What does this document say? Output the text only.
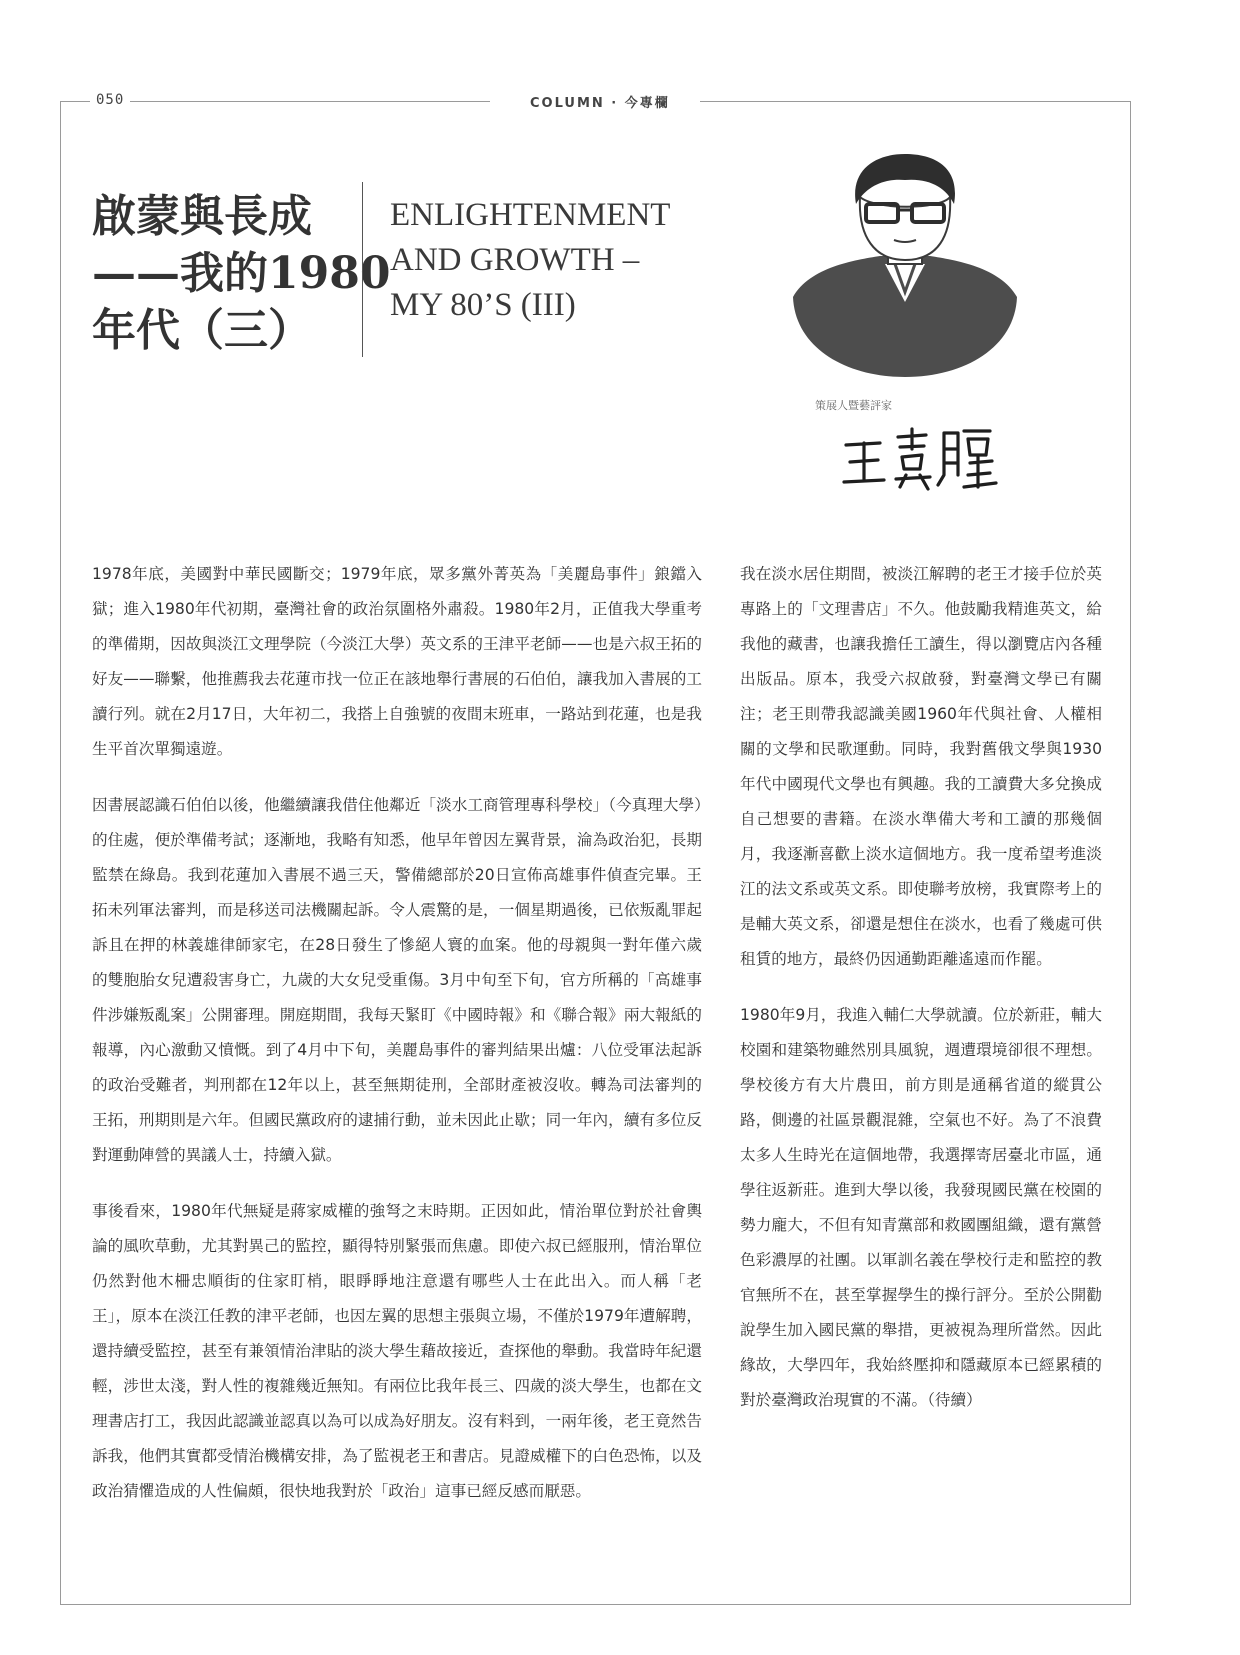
050	COLUMN · 今專欄
啟蒙與長成
——我的1980
年代（三）
ENLIGHTENMENT
AND GROWTH –
MY 80’S (III)
策展人暨藝評家

1978年底，美國對中華民國斷交；1979年底，眾多黨外菁英為「美麗島事件」鋃鐺入獄；進入1980年代初期，臺灣社會的政治氛圍格外肅殺。1980年2月，正值我大學重考的準備期，因故與淡江文理學院（今淡江大學）英文系的王津平老師——也是六叔王拓的好友——聯繫，他推薦我去花蓮市找一位正在該地舉行書展的石伯伯，讓我加入書展的工讀行列。就在2月17日，大年初二，我搭上自強號的夜間末班車，一路站到花蓮，也是我生平首次單獨遠遊。

因書展認識石伯伯以後，他繼續讓我借住他鄰近「淡水工商管理專科學校」（今真理大學）的住處，便於準備考試；逐漸地，我略有知悉，他早年曾因左翼背景，淪為政治犯，長期監禁在綠島。我到花蓮加入書展不過三天，警備總部於20日宣佈高雄事件偵查完畢。王拓未列軍法審判，而是移送司法機關起訴。令人震驚的是，一個星期過後，已依叛亂罪起訴且在押的林義雄律師家宅，在28日發生了慘絕人寰的血案。他的母親與一對年僅六歲的雙胞胎女兒遭殺害身亡，九歲的大女兒受重傷。3月中旬至下旬，官方所稱的「高雄事件涉嫌叛亂案」公開審理。開庭期間，我每天緊盯《中國時報》和《聯合報》兩大報紙的報導，內心激動又憤慨。到了4月中下旬，美麗島事件的審判結果出爐：八位受軍法起訴的政治受難者，判刑都在12年以上，甚至無期徒刑，全部財產被沒收。轉為司法審判的王拓，刑期則是六年。但國民黨政府的逮捕行動，並未因此止歇；同一年內，續有多位反對運動陣營的異議人士，持續入獄。

事後看來，1980年代無疑是蔣家威權的強弩之末時期。正因如此，情治單位對於社會輿論的風吹草動，尤其對異己的監控，顯得特別緊張而焦慮。即使六叔已經服刑，情治單位仍然對他木柵忠順街的住家盯梢，眼睜睜地注意還有哪些人士在此出入。而人稱「老王」，原本在淡江任教的津平老師，也因左翼的思想主張與立場，不僅於1979年遭解聘，還持續受監控，甚至有兼領情治津貼的淡大學生藉故接近，查探他的舉動。我當時年紀還輕，涉世太淺，對人性的複雜幾近無知。有兩位比我年長三、四歲的淡大學生，也都在文理書店打工，我因此認識並認真以為可以成為好朋友。沒有料到，一兩年後，老王竟然告訴我，他們其實都受情治機構安排，為了監視老王和書店。見證威權下的白色恐怖，以及政治猜懼造成的人性偏頗，很快地我對於「政治」這事已經反感而厭惡。

我在淡水居住期間，被淡江解聘的老王才接手位於英專路上的「文理書店」不久。他鼓勵我精進英文，給我他的藏書，也讓我擔任工讀生，得以瀏覽店內各種出版品。原本，我受六叔啟發，對臺灣文學已有關注；老王則帶我認識美國1960年代與社會、人權相關的文學和民歌運動。同時，我對舊俄文學與1930年代中國現代文學也有興趣。我的工讀費大多兌換成自己想要的書籍。在淡水準備大考和工讀的那幾個月，我逐漸喜歡上淡水這個地方。我一度希望考進淡江的法文系或英文系。即使聯考放榜，我實際考上的是輔大英文系，卻還是想住在淡水，也看了幾處可供租賃的地方，最終仍因通勤距離遙遠而作罷。

1980年9月，我進入輔仁大學就讀。位於新莊，輔大校園和建築物雖然別具風貌，週遭環境卻很不理想。學校後方有大片農田，前方則是通稱省道的縱貫公路，側邊的社區景觀混雜，空氣也不好。為了不浪費太多人生時光在這個地帶，我選擇寄居臺北市區，通學往返新莊。進到大學以後，我發現國民黨在校園的勢力龐大，不但有知青黨部和救國團組織，還有黨營色彩濃厚的社團。以軍訓名義在學校行走和監控的教官無所不在，甚至掌握學生的操行評分。至於公開勸說學生加入國民黨的舉措，更被視為理所當然。因此緣故，大學四年，我始終壓抑和隱藏原本已經累積的對於臺灣政治現實的不滿。（待續）
